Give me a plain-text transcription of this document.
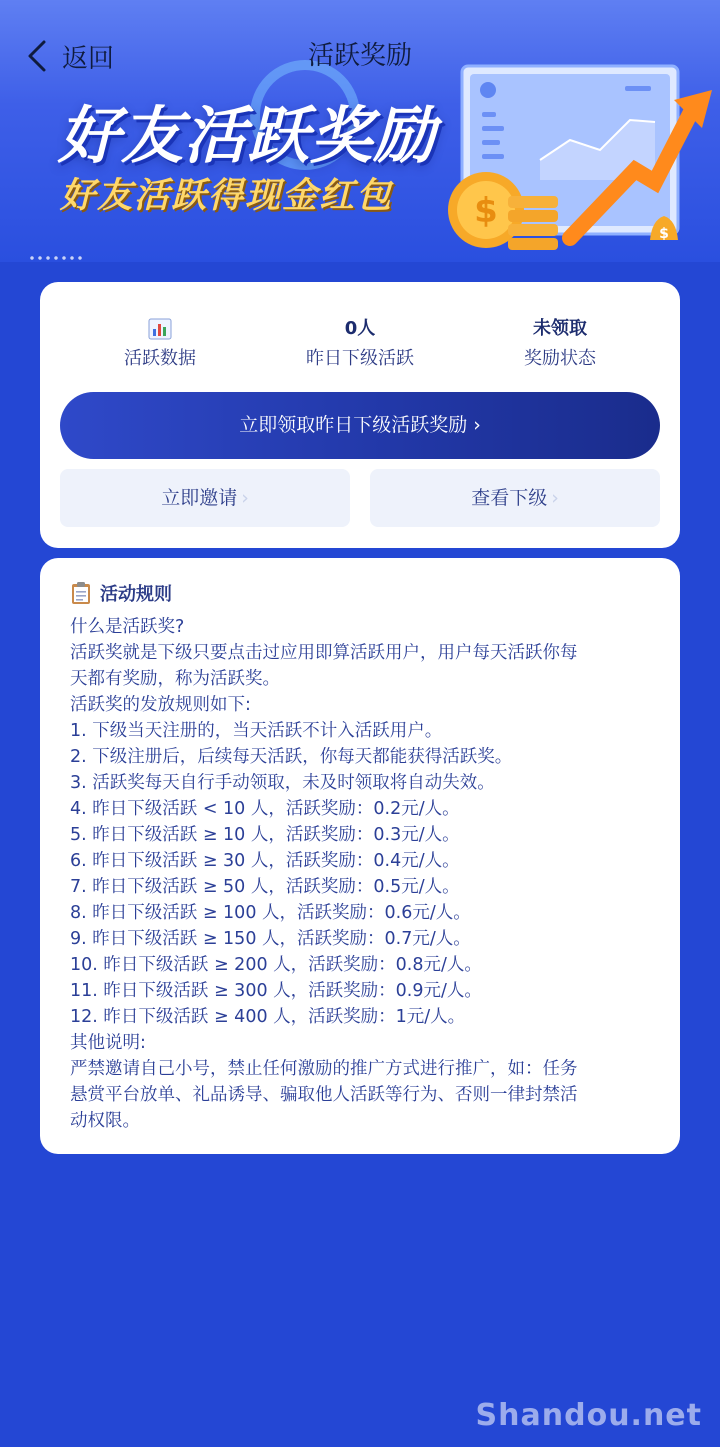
$
$
返回	活跃奖励
好友活跃奖励
好友活跃得现金红包
活跃数据
0人
昨日下级活跃
未领取
奖励状态
立即领取昨日下级活跃奖励 ›
立即邀请 ›	查看下级 ›
活动规则
什么是活跃奖?
活跃奖就是下级只要点击过应用即算活跃用户，用户每天活跃你每
天都有奖励，称为活跃奖。
活跃奖的发放规则如下:
1. 下级当天注册的，当天活跃不计入活跃用户。
2. 下级注册后，后续每天活跃，你每天都能获得活跃奖。
3. 活跃奖每天自行手动领取，未及时领取将自动失效。
4. 昨日下级活跃 < 10 人，活跃奖励：0.2元/人。
5. 昨日下级活跃 ≥ 10 人，活跃奖励：0.3元/人。
6. 昨日下级活跃 ≥ 30 人，活跃奖励：0.4元/人。
7. 昨日下级活跃 ≥ 50 人，活跃奖励：0.5元/人。
8. 昨日下级活跃 ≥ 100 人，活跃奖励：0.6元/人。
9. 昨日下级活跃 ≥ 150 人，活跃奖励：0.7元/人。
10. 昨日下级活跃 ≥ 200 人，活跃奖励：0.8元/人。
11. 昨日下级活跃 ≥ 300 人，活跃奖励：0.9元/人。
12. 昨日下级活跃 ≥ 400 人，活跃奖励：1元/人。
其他说明:
严禁邀请自己小号，禁止任何激励的推广方式进行推广，如：任务
悬赏平台放单、礼品诱导、骗取他人活跃等行为、否则一律封禁活
动权限。
Shandou.net
